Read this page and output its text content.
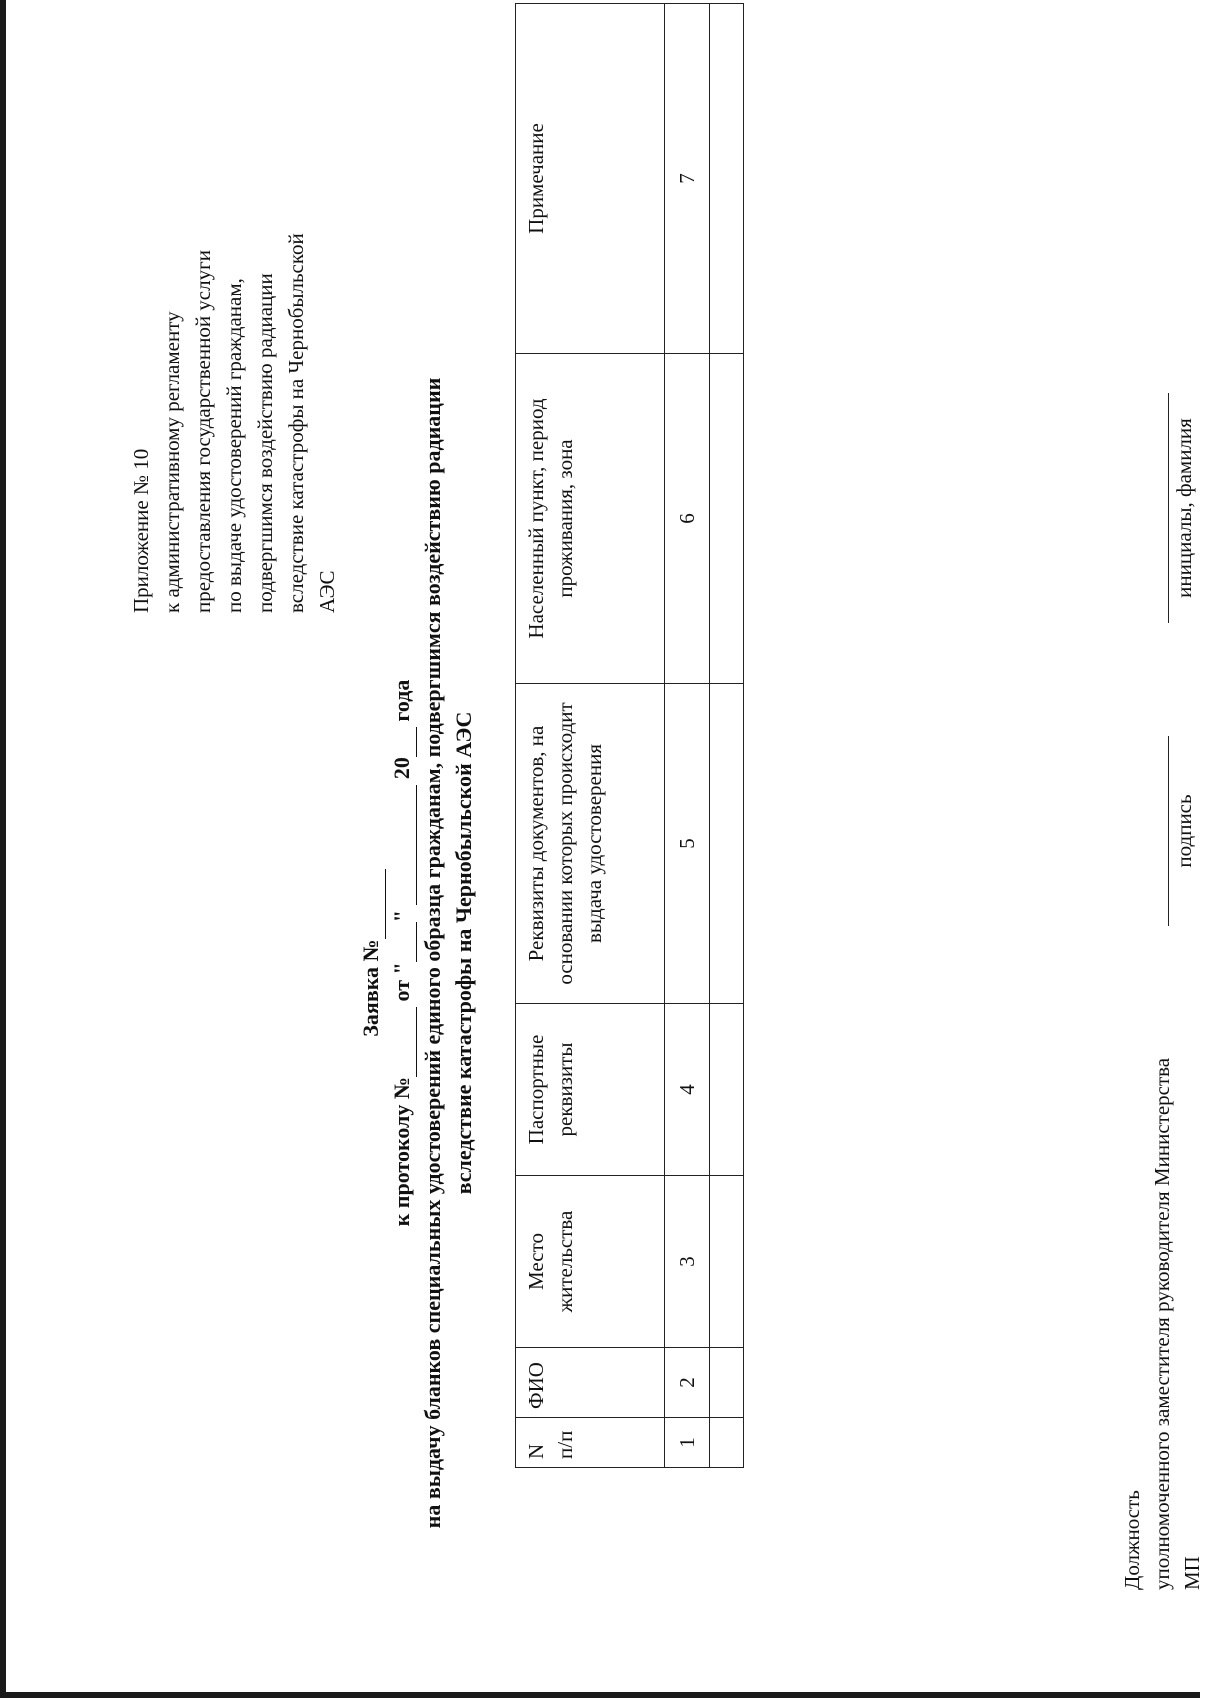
Приложение № 10 к административному регламенту предоставления государственной услуги по выдаче удостоверений гражданам, подвергшимся воздействию радиации вследствие катастрофы на Чернобыльской АЭС
Заявка №
к протоколу № от ""  20 года на выдачу бланков специальных удостоверений единого образца гражданам, подвергшимся воздействию радиации вследствие катастрофы на Чернобыльской АЭС
N п/п	ФИО	Место жительства	Паспортные реквизиты	Реквизиты документов, на основании которых происходит выдача удостоверения	Населенный пункт, период проживания, зона	Примечание
1	2	3	4	5	6	7

Должность уполномоченного заместителя руководителя Министерства МП
подпись
инициалы, фамилия
